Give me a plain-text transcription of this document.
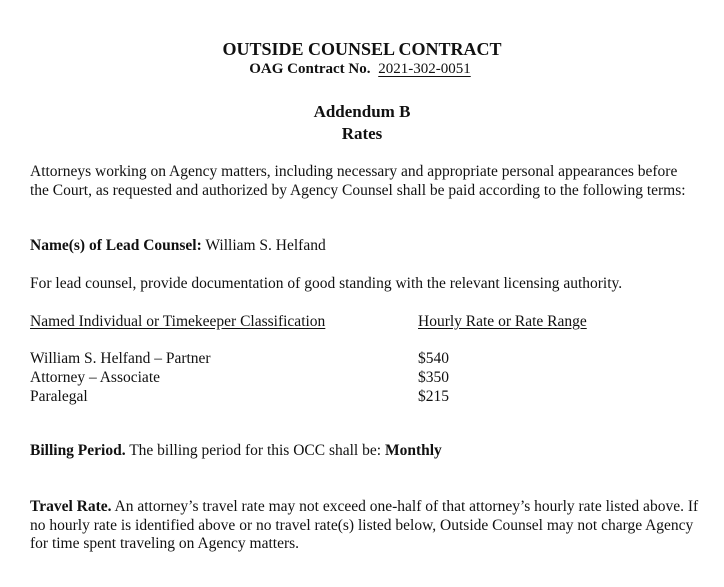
OUTSIDE COUNSEL CONTRACT
OAG Contract No. 2021-302-0051
Addendum B
Rates
Attorneys working on Agency matters, including necessary and appropriate personal appearances before the Court, as requested and authorized by Agency Counsel shall be paid according to the following terms:
Name(s) of Lead Counsel: William S. Helfand
For lead counsel, provide documentation of good standing with the relevant licensing authority.
Named Individual or Timekeeper Classification	Hourly Rate or Rate Range
William S. Helfand – Partner	$540
Attorney – Associate	$350
Paralegal	$215
Billing Period. The billing period for this OCC shall be: Monthly
Travel Rate. An attorney’s travel rate may not exceed one-half of that attorney’s hourly rate listed above. If no hourly rate is identified above or no travel rate(s) listed below, Outside Counsel may not charge Agency for time spent traveling on Agency matters.
